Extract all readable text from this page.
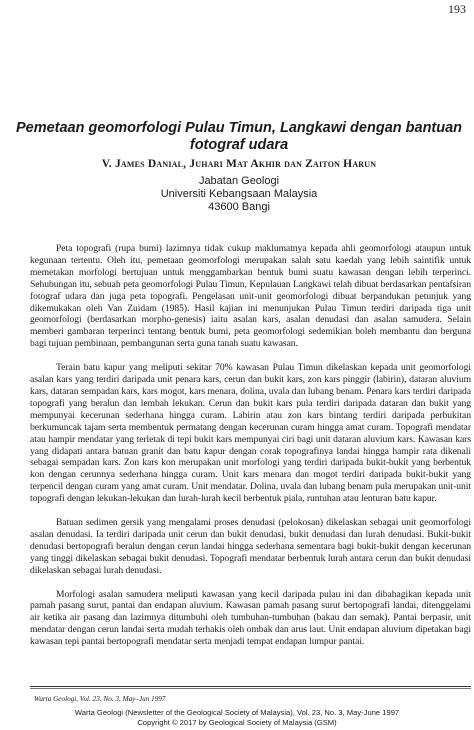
193
Pemetaan geomorfologi Pulau Timun, Langkawi dengan bantuan fotograf udara
V. James Danial, Juhari Mat Akhir dan Zaiton Harun
Jabatan Geologi
Universiti Kebangsaan Malaysia
43600 Bangi

Peta topografi (rupa bumi) lazimnya tidak cukup maklumatnya kepada ahli geomorfologi ataupun untuk kegunaan tertentu. Oleh itu, pemetaan geomorfologi merupakan salah satu kaedah yang lebih saintifik untuk memetakan morfologi bertujuan untuk menggambarkan bentuk bumi suatu kawasan dengan lebih terperinci. Sehubungan itu, sebuah peta geomorfologi Pulau Timun, Kepulauan Langkawi telah dibuat berdasarkan pentafsiran fotograf udara dan juga peta topografi. Pengelasan unit-unit geomorfologi dibuat berpandukan petunjuk yang dikemukakan oleh Van Zuidam (1985). Hasil kajian ini menunjukan Pulau Timun terdiri daripada tiga unit geomorfologi (berdasarkan morpho-genesis) iaitu asalan kars, asalan denudasi dan asalan samudera. Selain memberi gambaran terperinci tentang bentuk bumi, peta geomorfologi sedemikian boleh membantu dan berguna bagi tujuan pembinaan, pembangunan serta guna tanah suatu kawasan.

Terain batu kapur yang meliputi sekitar 70% kawasan Pulau Timun dikelaskan kepada unit geomorfologi asalan kars yang terdiri daripada unit penara kars, cerun dan bukit kars, zon kars pinggir (labirin), dataran aluvium kars, dataran sempadan kars, kars mogot, kars menara, dolina, uvala dan lubang benam. Penara kars terdiri daripada topografi yang beralun dan lembah lekukan. Cerun dan bukit kars pula terdiri daripada dataran dan bukit yang mempunyai kecerunan sederhana hingga curam. Labirin atau zon kars bintang terdiri daripada perbukitan berkumuncak tajam serta membentuk permatang dengan kecerunan curam hingga amat curam. Topografi mendatar atau hampir mendatar yang terletak di tepi bukit kars mempunyai ciri bagi unit dataran aluvium kars. Kawasan kars yang didapati antara batuan granit dan batu kapur dengan corak topografinya landai hingga hampir rata dikenali sebagai sempadan kars. Zon kars kon merupakan unit morfologi yang terdiri daripada bukit-bukit yang berbentuk kon dengan cerunnya sederhana hingga curam. Unit kars menara dan mogot terdiri daripada bukit-bukit yang terpencil dengan curam yang amat curam. Unit mendatar. Dolina, uvala dan lubang benam pula merupakan unit-unit topografi dengan lekukan-lekukan dan lurah-lurah kecil berbentuk piala, runtuhan atau lenturan batu kapur.

Batuan sedimen gersik yang mengalami proses denudasi (pelokosan) dikelaskan sebagai unit geomorfologi asalan denudasi. Ia terdiri daripada unit cerun dan bukit denudasi, bukit denudasi dan lurah denudasi. Bukit-bukit denudasi bertopografi beralun dengan cerun landai hingga sederhana sementara bagi bukit-bukit dengan kecerunan yang tinggi dikelaskan sebagai bukit denudasi. Topografi mendatar berbentuk lurah antara cerun dan bukit denudasi dikelaskan sebagai lurah denudasi.

Morfologi asalan samudera meliputi kawasan yang kecil daripada pulau ini dan dibahagikan kepada unit pamah pasang surut, pantai dan endapan aluvium. Kawasan pamah pasang surut bertopografi landai, ditenggelami air ketika air pasang dan lazimnya ditumbuhi oleh tumbuhan-tumbuhan (bakau dan semak). Pantai berpasir, unit mendatar dengan cerun landai serta mudah terhakis oleh ombak dan arus laut. Unit endapan aluvium dipetakan bagi kawasan tepi pantai bertopografi mendatar serta menjadi tempat endapan lumpur pantai.

Warta Geologi, Vol. 23, No. 3, May–Jun 1997
Warta Geologi (Newsletter of the Geological Society of Malaysia), Vol. 23, No. 3, May-June 1997
Copyright © 2017 by Geological Society of Malaysia (GSM)
